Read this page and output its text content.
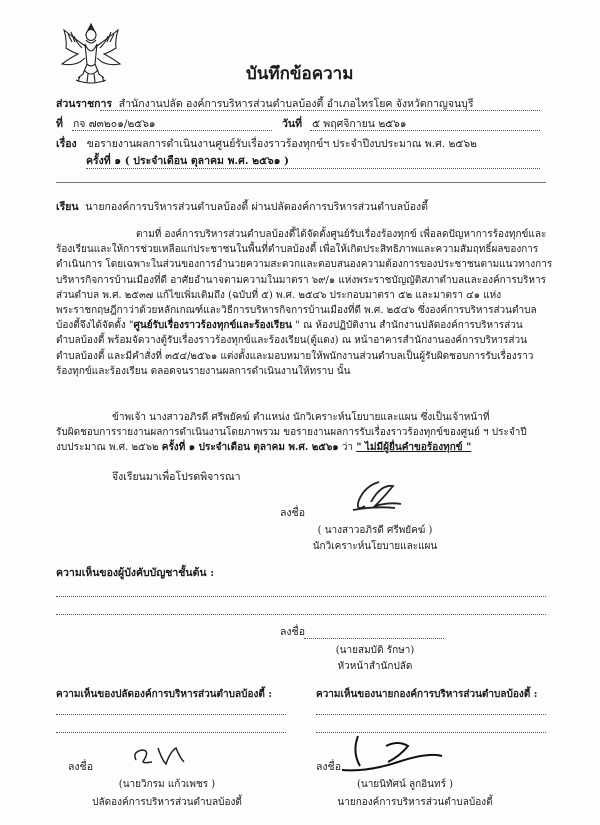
บันทึกข้อความ
ส่วนราชการ สำนักงานปลัด องค์การบริหารส่วนตำบลบ้องตี้ อำเภอไทรโยค จังหวัดกาญจนบุรี
ที่ กจ ๗๓๒๐๑/๒๕๖๑	วันที่ ๕ พฤศจิกายน ๒๕๖๑
เรื่อง ขอรายงานผลการดำเนินงานศูนย์รับเรื่องราวร้องทุกข์ฯ ประจำปีงบประมาณ พ.ศ. ๒๕๖๒
ครั้งที่ ๑ ( ประจำเดือน ตุลาคม พ.ศ. ๒๕๖๑ )
เรียน นายกองค์การบริหารส่วนตำบลบ้องตี้ ผ่านปลัดองค์การบริหารส่วนตำบลบ้องตี้
ตามที่ องค์การบริหารส่วนตำบลบ้องตี้ได้จัดตั้งศูนย์รับเรื่องร้องทุกข์ เพื่อลดปัญหาการร้องทุกข์และ
ร้องเรียนและให้การช่วยเหลือแก่ประชาชนในพื้นที่ตำบลบ้องตี้ เพื่อให้เกิดประสิทธิภาพและความสัมฤทธิ์ผลของการ
ดำเนินการ โดยเฉพาะในส่วนของการอำนวยความสะดวกและตอบสนองความต้องการของประชาชนตามแนวทางการ
บริหารกิจการบ้านเมืองที่ดี อาศัยอำนาจตามความในมาตรา ๖๙/๑ แห่งพระราชบัญญัติสภาตำบลและองค์การบริหาร
ส่วนตำบล พ.ศ. ๒๕๓๗ แก้ไขเพิ่มเติมถึง (ฉบับที่ ๕) พ.ศ. ๒๕๔๖ ประกอบมาตรา ๕๒ และมาตรา ๔๑ แห่ง
พระราชกฤษฎีกาว่าด้วยหลักเกณฑ์และวิธีการบริหารกิจการบ้านเมืองที่ดี พ.ศ. ๒๕๔๖ ซึ่งองค์การบริหารส่วนตำบล
บ้องตี้จึงได้จัดตั้ง "ศูนย์รับเรื่องราวร้องทุกข์และร้องเรียน " ณ ห้องปฏิบัติงาน สำนักงานปลัดองค์การบริหารส่วน
ตำบลบ้องตี้ พร้อมจัดวางตู้รับเรื่องราวร้องทุกข์และร้องเรียน(ตู้แดง) ณ หน้าอาคารสำนักงานองค์การบริหารส่วน
ตำบลบ้องตี้ และมีคำสั่งที่ ๓๕๔/๒๕๖๑ แต่งตั้งและมอบหมายให้พนักงานส่วนตำบลเป็นผู้รับผิดชอบการรับเรื่องราว
ร้องทุกข์และร้องเรียน ตลอดจนรายงานผลการดำเนินงานให้ทราบ นั้น
ข้าพเจ้า นางสาวอภิรดี ศรีพยัคฆ์ ตำแหน่ง นักวิเคราะห์นโยบายและแผน ซึ่งเป็นเจ้าหน้าที่
รับผิดชอบการรายงานผลการดำเนินงานโดยภาพรวม ขอรายงานผลการรับเรื่องราวร้องทุกข์ของศูนย์ ฯ ประจำปี
งบประมาณ พ.ศ. ๒๕๖๒ ครั้งที่ ๑ ประจำเดือน ตุลาคม พ.ศ. ๒๕๖๑ ว่า " ไม่มีผู้ยื่นคำขอร้องทุกข์ "
จึงเรียนมาเพื่อโปรดพิจารณา
ลงชื่อ
( นางสาวอภิรดี ศรีพยัคฆ์ )
นักวิเคราะห์นโยบายและแผน
ความเห็นของผู้บังคับบัญชาชั้นต้น :
ลงชื่อ
(นายสมบัติ รักษา)
หัวหน้าสำนักปลัด
ความเห็นของปลัดองค์การบริหารส่วนตำบลบ้องตี้ :	ความเห็นของนายกองค์การบริหารส่วนตำบลบ้องตี้ :
ลงชื่อ
(นายวิกรม แก้วเพชร )
ปลัดองค์การบริหารส่วนตำบลบ้องตี้
ลงชื่อ
(นายนิทัศน์ ลูกอินทร์ )
นายกองค์การบริหารส่วนตำบลบ้องตี้
